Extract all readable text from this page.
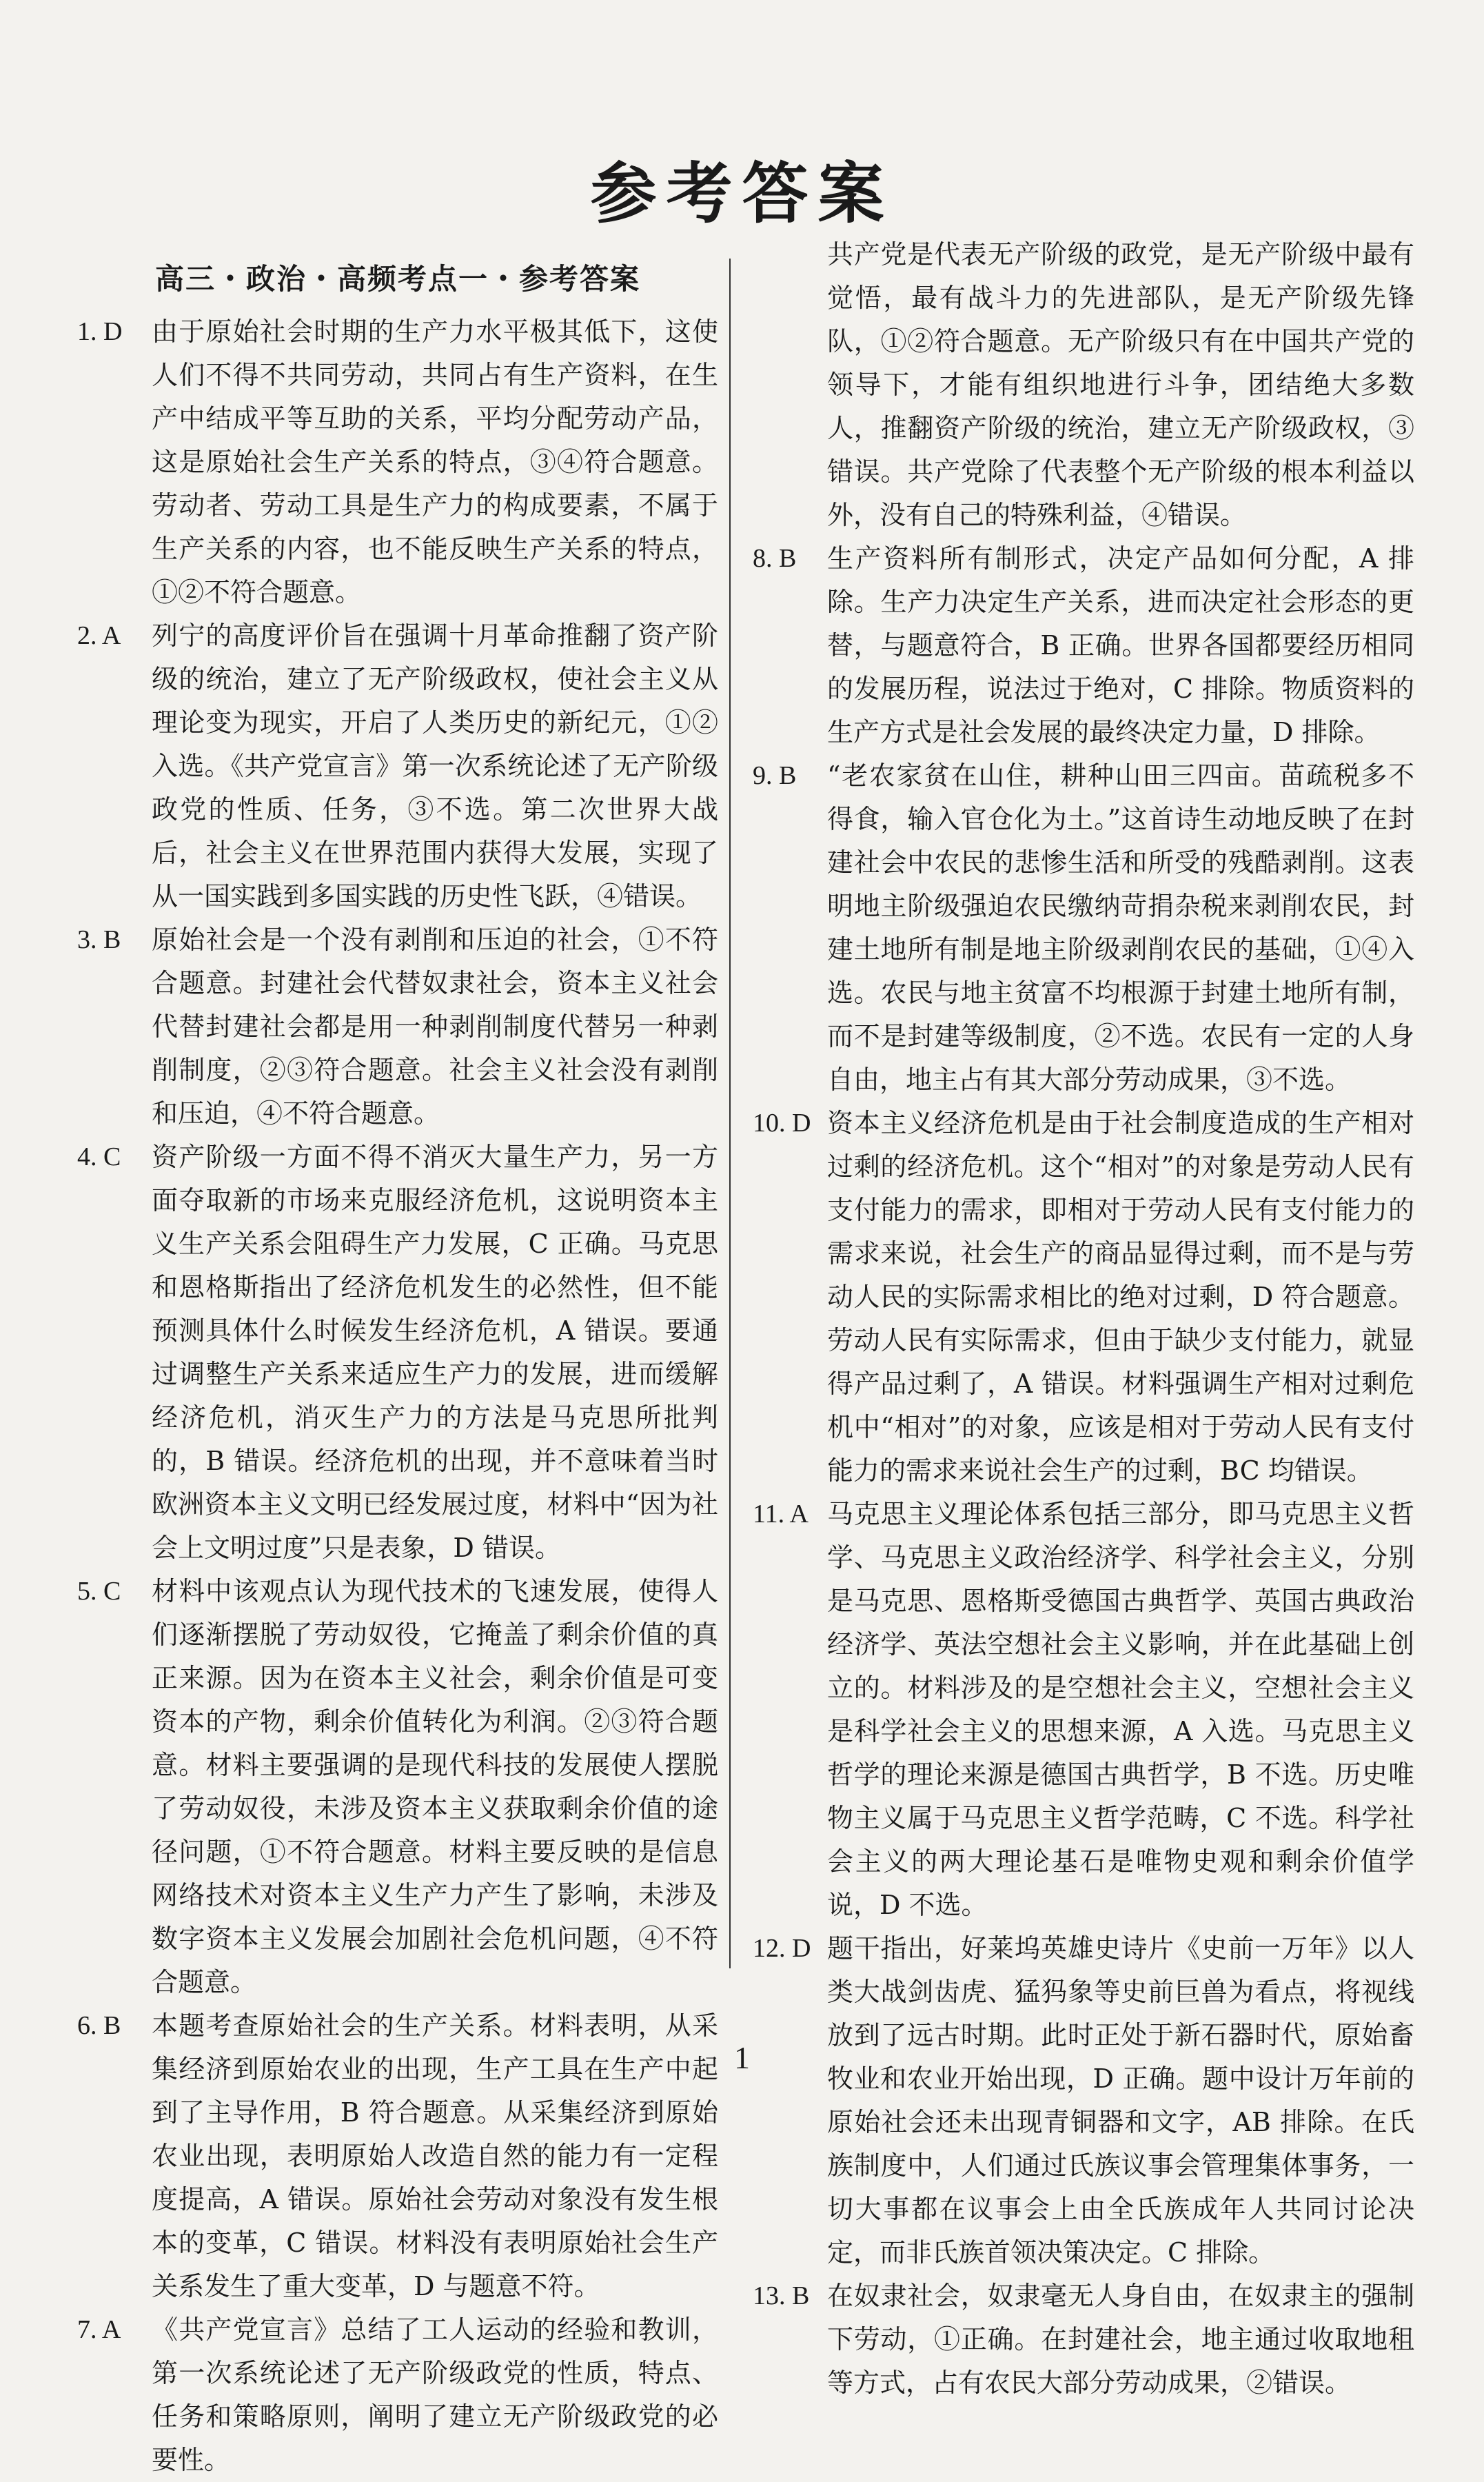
参考答案
高三・政治・高频考点一・参考答案
1. D	由于原始社会时期的生产力水平极其低下，这使人们不得不共同劳动，共同占有生产资料，在生产中结成平等互助的关系，平均分配劳动产品，这是原始社会生产关系的特点，③④符合题意。劳动者、劳动工具是生产力的构成要素，不属于生产关系的内容，也不能反映生产关系的特点，①②不符合题意。
2. A	列宁的高度评价旨在强调十月革命推翻了资产阶级的统治，建立了无产阶级政权，使社会主义从理论变为现实，开启了人类历史的新纪元，①②入选。《共产党宣言》第一次系统论述了无产阶级政党的性质、任务，③不选。第二次世界大战后，社会主义在世界范围内获得大发展，实现了从一国实践到多国实践的历史性飞跃，④错误。
3. B	原始社会是一个没有剥削和压迫的社会，①不符合题意。封建社会代替奴隶社会，资本主义社会代替封建社会都是用一种剥削制度代替另一种剥削制度，②③符合题意。社会主义社会没有剥削和压迫，④不符合题意。
4. C	资产阶级一方面不得不消灭大量生产力，另一方面夺取新的市场来克服经济危机，这说明资本主义生产关系会阻碍生产力发展，C 正确。马克思和恩格斯指出了经济危机发生的必然性，但不能预测具体什么时候发生经济危机，A 错误。要通过调整生产关系来适应生产力的发展，进而缓解经济危机，消灭生产力的方法是马克思所批判的，B 错误。经济危机的出现，并不意味着当时欧洲资本主义文明已经发展过度，材料中“因为社会上文明过度”只是表象，D 错误。
5. C	材料中该观点认为现代技术的飞速发展，使得人们逐渐摆脱了劳动奴役，它掩盖了剩余价值的真正来源。因为在资本主义社会，剩余价值是可变资本的产物，剩余价值转化为利润。②③符合题意。材料主要强调的是现代科技的发展使人摆脱了劳动奴役，未涉及资本主义获取剩余价值的途径问题，①不符合题意。材料主要反映的是信息网络技术对资本主义生产力产生了影响，未涉及数字资本主义发展会加剧社会危机问题，④不符合题意。
6. B	本题考查原始社会的生产关系。材料表明，从采集经济到原始农业的出现，生产工具在生产中起到了主导作用，B 符合题意。从采集经济到原始农业出现，表明原始人改造自然的能力有一定程度提高，A 错误。原始社会劳动对象没有发生根本的变革，C 错误。材料没有表明原始社会生产关系发生了重大变革，D 与题意不符。
7. A	《共产党宣言》总结了工人运动的经验和教训，第一次系统论述了无产阶级政党的性质，特点、任务和策略原则，阐明了建立无产阶级政党的必要性。
共产党是代表无产阶级的政党，是无产阶级中最有觉悟，最有战斗力的先进部队，是无产阶级先锋队，①②符合题意。无产阶级只有在中国共产党的领导下，才能有组织地进行斗争，团结绝大多数人，推翻资产阶级的统治，建立无产阶级政权，③错误。共产党除了代表整个无产阶级的根本利益以外，没有自己的特殊利益，④错误。
8. B	生产资料所有制形式，决定产品如何分配，A 排除。生产力决定生产关系，进而决定社会形态的更替，与题意符合，B 正确。世界各国都要经历相同的发展历程，说法过于绝对，C 排除。物质资料的生产方式是社会发展的最终决定力量，D 排除。
9. B	“老农家贫在山住，耕种山田三四亩。苗疏税多不得食，输入官仓化为土。”这首诗生动地反映了在封建社会中农民的悲惨生活和所受的残酷剥削。这表明地主阶级强迫农民缴纳苛捐杂税来剥削农民，封建土地所有制是地主阶级剥削农民的基础，①④入选。农民与地主贫富不均根源于封建土地所有制，而不是封建等级制度，②不选。农民有一定的人身自由，地主占有其大部分劳动成果，③不选。
10. D 资本主义经济危机是由于社会制度造成的生产相对过剩的经济危机。这个“相对”的对象是劳动人民有支付能力的需求，即相对于劳动人民有支付能力的需求来说，社会生产的商品显得过剩，而不是与劳动人民的实际需求相比的绝对过剩，D 符合题意。劳动人民有实际需求，但由于缺少支付能力，就显得产品过剩了，A 错误。材料强调生产相对过剩危机中“相对”的对象，应该是相对于劳动人民有支付能力的需求来说社会生产的过剩，BC 均错误。
11. A 马克思主义理论体系包括三部分，即马克思主义哲学、马克思主义政治经济学、科学社会主义，分别是马克思、恩格斯受德国古典哲学、英国古典政治经济学、英法空想社会主义影响，并在此基础上创立的。材料涉及的是空想社会主义，空想社会主义是科学社会主义的思想来源，A 入选。马克思主义哲学的理论来源是德国古典哲学，B 不选。历史唯物主义属于马克思主义哲学范畴，C 不选。科学社会主义的两大理论基石是唯物史观和剩余价值学说，D 不选。
12. D 题干指出，好莱坞英雄史诗片《史前一万年》以人类大战剑齿虎、猛犸象等史前巨兽为看点，将视线放到了远古时期。此时正处于新石器时代，原始畜牧业和农业开始出现，D 正确。题中设计万年前的原始社会还未出现青铜器和文字，AB 排除。在氏族制度中，人们通过氏族议事会管理集体事务，一切大事都在议事会上由全氏族成年人共同讨论决定，而非氏族首领决策决定。C 排除。
13. B 在奴隶社会，奴隶毫无人身自由，在奴隶主的强制下劳动，①正确。在封建社会，地主通过收取地租等方式，占有农民大部分劳动成果，②错误。
1
